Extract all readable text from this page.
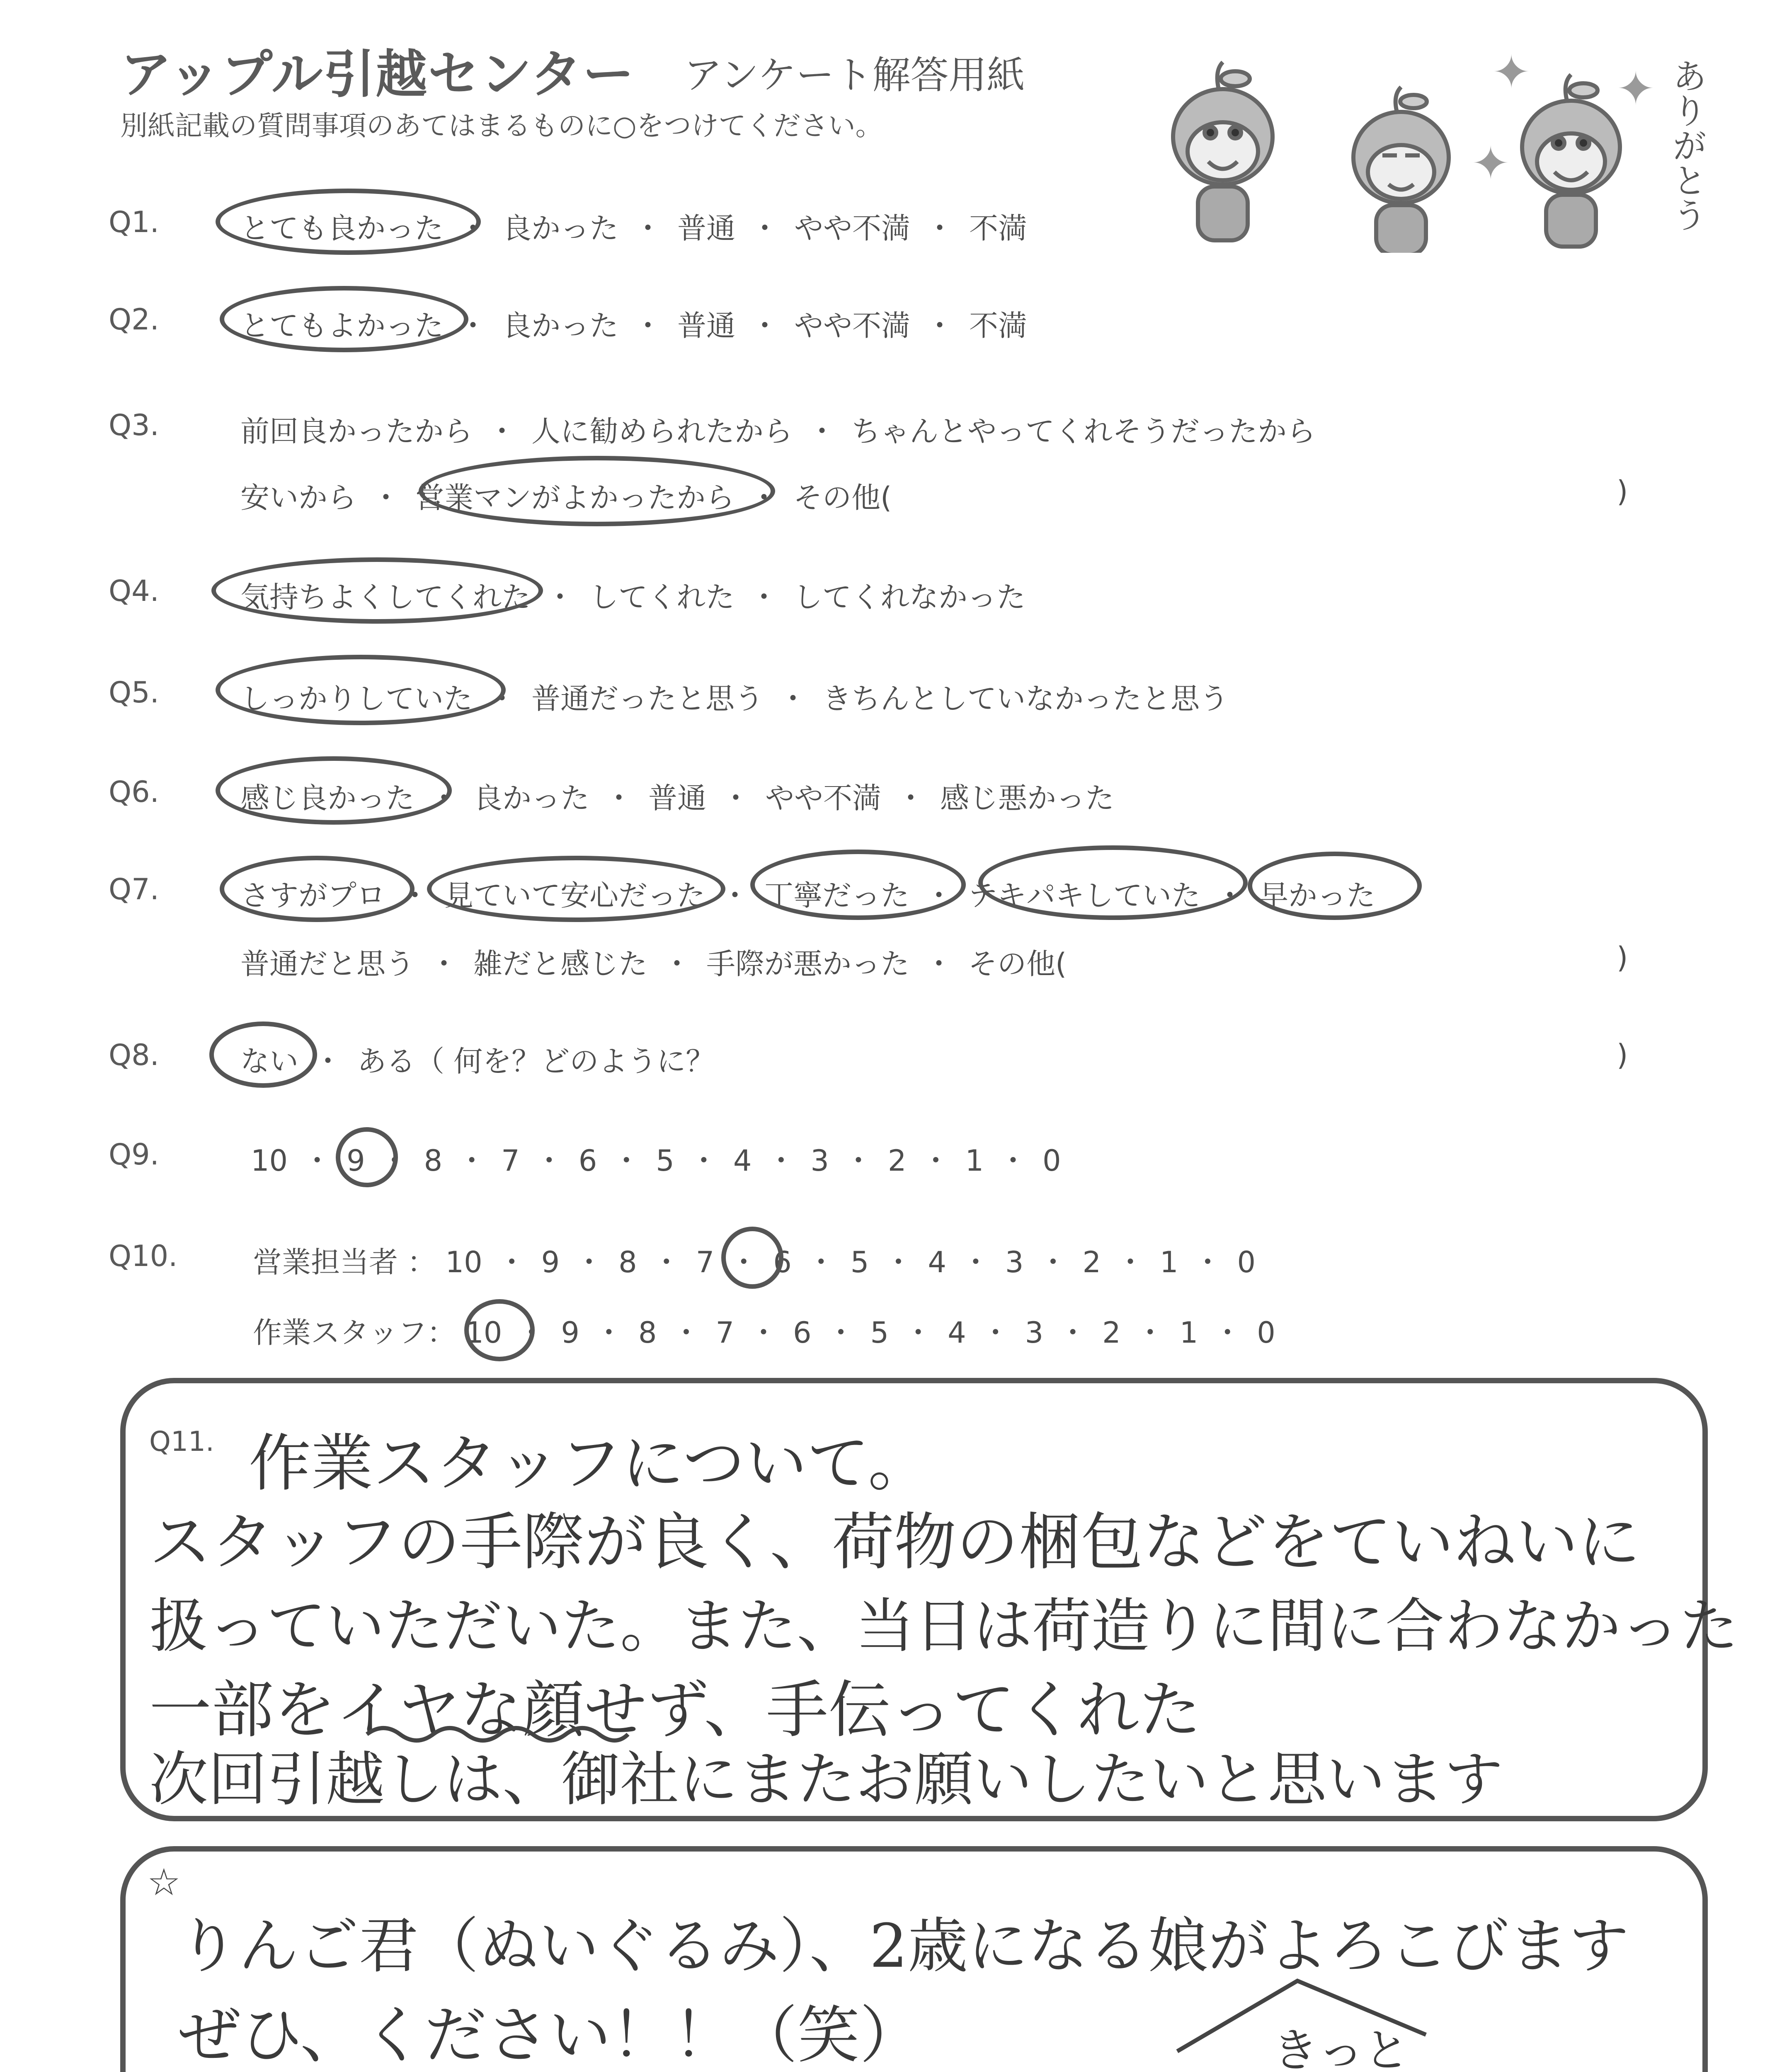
アップル引越センター アンケート解答用紙
別紙記載の質問事項のあてはまるものに○をつけてください。
✦ ✦
✦	ありがとう
Q1.	とても良かった ・ 良かった ・ 普通 ・ やや不満 ・ 不満
Q2.	とてもよかった ・ 良かった ・ 普通 ・ やや不満 ・ 不満
Q3.	前回良かったから ・ 人に勧められたから ・ ちゃんとやってくれそうだったから
安いから ・ 営業マンがよかったから ・ その他(	)
Q4.	気持ちよくしてくれた ・ してくれた ・ してくれなかった
Q5.	しっかりしていた ・ 普通だったと思う ・ きちんとしていなかったと思う
Q6.	感じ良かった ・ 良かった ・ 普通 ・ やや不満 ・ 感じ悪かった
Q7.	さすがプロ ・ 見ていて安心だった ・ 丁寧だった ・ テキパキしていた ・ 早かった
普通だと思う ・ 雑だと感じた ・ 手際が悪かった ・ その他(	)
Q8.	ない ・ ある（ 何を？どのように？	)
Q9.	10 ・ 9 ・ 8 ・ 7 ・ 6 ・ 5 ・ 4 ・ 3 ・ 2 ・ 1 ・ 0
Q10.	営業担当者 ： 10 ・ 9 ・ 8 ・ 7 ・ 6 ・ 5 ・ 4 ・ 3 ・ 2 ・ 1 ・ 0
作業スタッフ： 10 ・ 9 ・ 8 ・ 7 ・ 6 ・ 5 ・ 4 ・ 3 ・ 2 ・ 1 ・ 0
Q11. 作業スタッフについて。
スタッフの手際が良く、荷物の梱包などをていねいに
扱っていただいた。また、当日は荷造りに間に合わなかった
一部をイヤな顔せず、手伝ってくれた
次回引越しは、御社にまたお願いしたいと思います
☆
りんご君（ぬいぐるみ）、2歳になる娘がよろこびます
ぜひ、ください！！（笑）	きっと
